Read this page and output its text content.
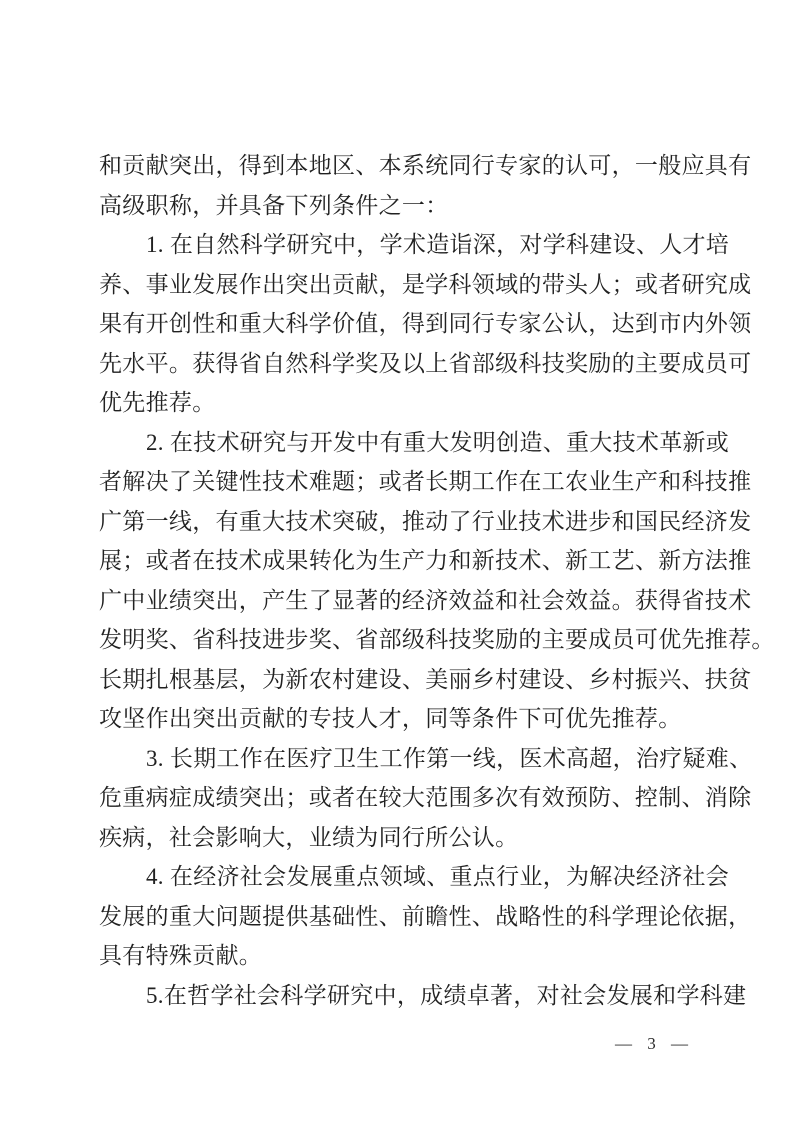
和贡献突出，得到本地区、本系统同行专家的认可，一般应具有
高级职称，并具备下列条件之一：
1. 在自然科学研究中，学术造诣深，对学科建设、人才培
养、事业发展作出突出贡献，是学科领域的带头人；或者研究成
果有开创性和重大科学价值，得到同行专家公认，达到市内外领
先水平。获得省自然科学奖及以上省部级科技奖励的主要成员可
优先推荐。
2. 在技术研究与开发中有重大发明创造、重大技术革新或
者解决了关键性技术难题；或者长期工作在工农业生产和科技推
广第一线，有重大技术突破，推动了行业技术进步和国民经济发
展；或者在技术成果转化为生产力和新技术、新工艺、新方法推
广中业绩突出，产生了显著的经济效益和社会效益。获得省技术
发明奖、省科技进步奖、省部级科技奖励的主要成员可优先推荐。
长期扎根基层，为新农村建设、美丽乡村建设、乡村振兴、扶贫
攻坚作出突出贡献的专技人才，同等条件下可优先推荐。
3. 长期工作在医疗卫生工作第一线，医术高超，治疗疑难、
危重病症成绩突出；或者在较大范围多次有效预防、控制、消除
疾病，社会影响大，业绩为同行所公认。
4. 在经济社会发展重点领域、重点行业，为解决经济社会
发展的重大问题提供基础性、前瞻性、战略性的科学理论依据，
具有特殊贡献。
5.在哲学社会科学研究中，成绩卓著，对社会发展和学科建
— 3 —
